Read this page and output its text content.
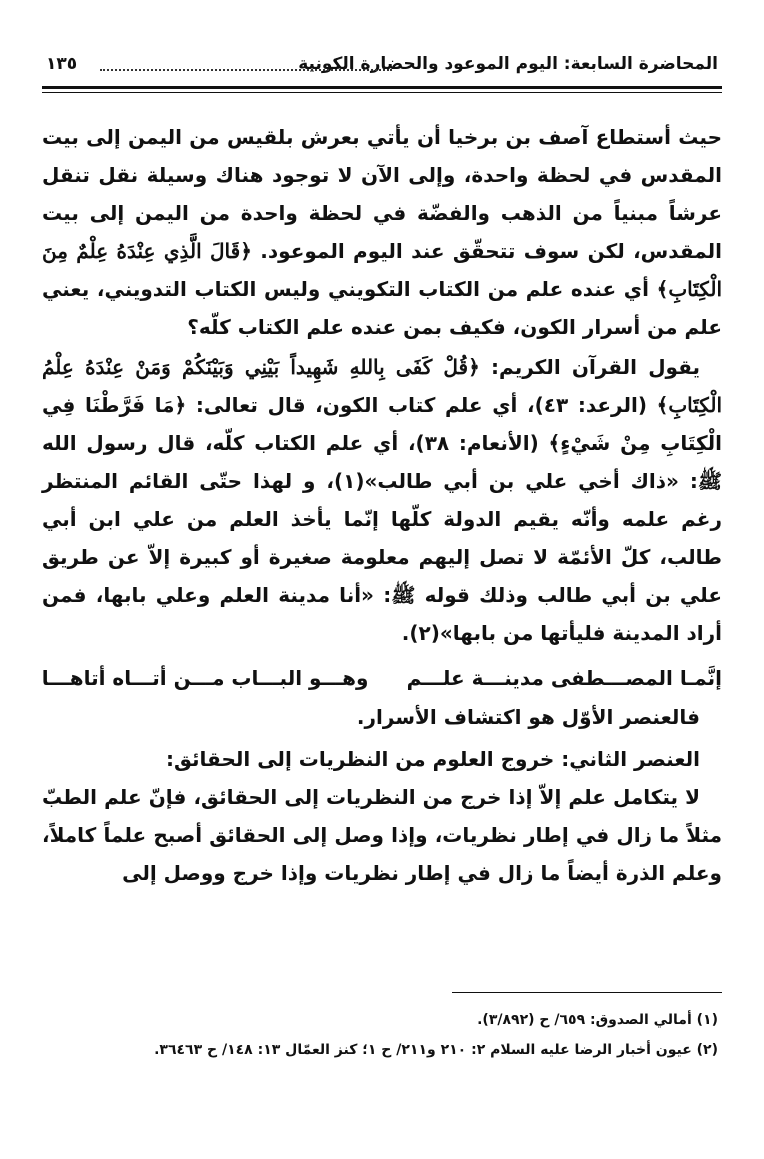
المحاضرة السابعة: اليوم الموعود والحضارة الكونية
١٣٥

حيث أستطاع آصف بن برخيا أن يأتي بعرش بلقيس من اليمن إلى بيت المقدس في لحظة واحدة، وإلى الآن لا توجود هناك وسيلة نقل تنقل عرشاً مبنياً من الذهب والفضّة في لحظة واحدة من اليمن إلى بيت المقدس، لكن سوف تتحقّق عند اليوم الموعود. ﴿قَالَ الَّذِي عِنْدَهُ عِلْمٌ مِنَ الْكِتَابِ﴾ أي عنده علم من الكتاب التكويني وليس الكتاب التدويني، يعني علم من أسرار الكون، فكيف بمن عنده علم الكتاب كلّه؟

يقول القرآن الكريم: ﴿قُلْ كَفَى بِاللهِ شَهِيداً بَيْنِي وَبَيْنَكُمْ وَمَنْ عِنْدَهُ عِلْمُ الْكِتَابِ﴾ (الرعد: ٤٣)، أي علم كتاب الكون، قال تعالى: ﴿مَا فَرَّطْنَا فِي الْكِتَابِ مِنْ شَيْءٍ﴾ (الأنعام: ٣٨)، أي علم الكتاب كلّه، قال رسول الله ﷺ: «ذاك أخي علي بن أبي طالب»(١)، و لهذا حتّى القائم المنتظر رغم علمه وأنّه يقيم الدولة كلّها إنّما يأخذ العلم من علي ابن أبي طالب، كلّ الأئمّة لا تصل إليهم معلومة صغيرة أو كبيرة إلاّ عن طريق علي بن أبي طالب وذلك قوله ﷺ: «أنا مدينة العلم وعلي بابها، فمن أراد المدينة فليأتها من بابها»(٢).

إنَّمـا المصـــطفى مدينـــة علـــم
وهـــو البـــاب مـــن أتـــاه أتاهـــا

فالعنصر الأوّل هو اكتشاف الأسرار.

العنصر الثاني: خروج العلوم من النظريات إلى الحقائق:

لا يتكامل علم إلاّ إذا خرج من النظريات إلى الحقائق، فإنّ علم الطبّ مثلاً ما زال في إطار نظريات، وإذا وصل إلى الحقائق أصبح علماً كاملاً، وعلم الذرة أيضاً ما زال في إطار نظريات وإذا خرج ووصل إلى

(١) أمالي الصدوق: ٦٥٩/ ح (٣/٨٩٢).

(٢) عيون أخبار الرضا عليه السلام ٢: ٢١٠ و٢١١/ ح ١؛ كنز العمّال ١٣: ١٤٨/ ح ٣٦٤٦٣.
